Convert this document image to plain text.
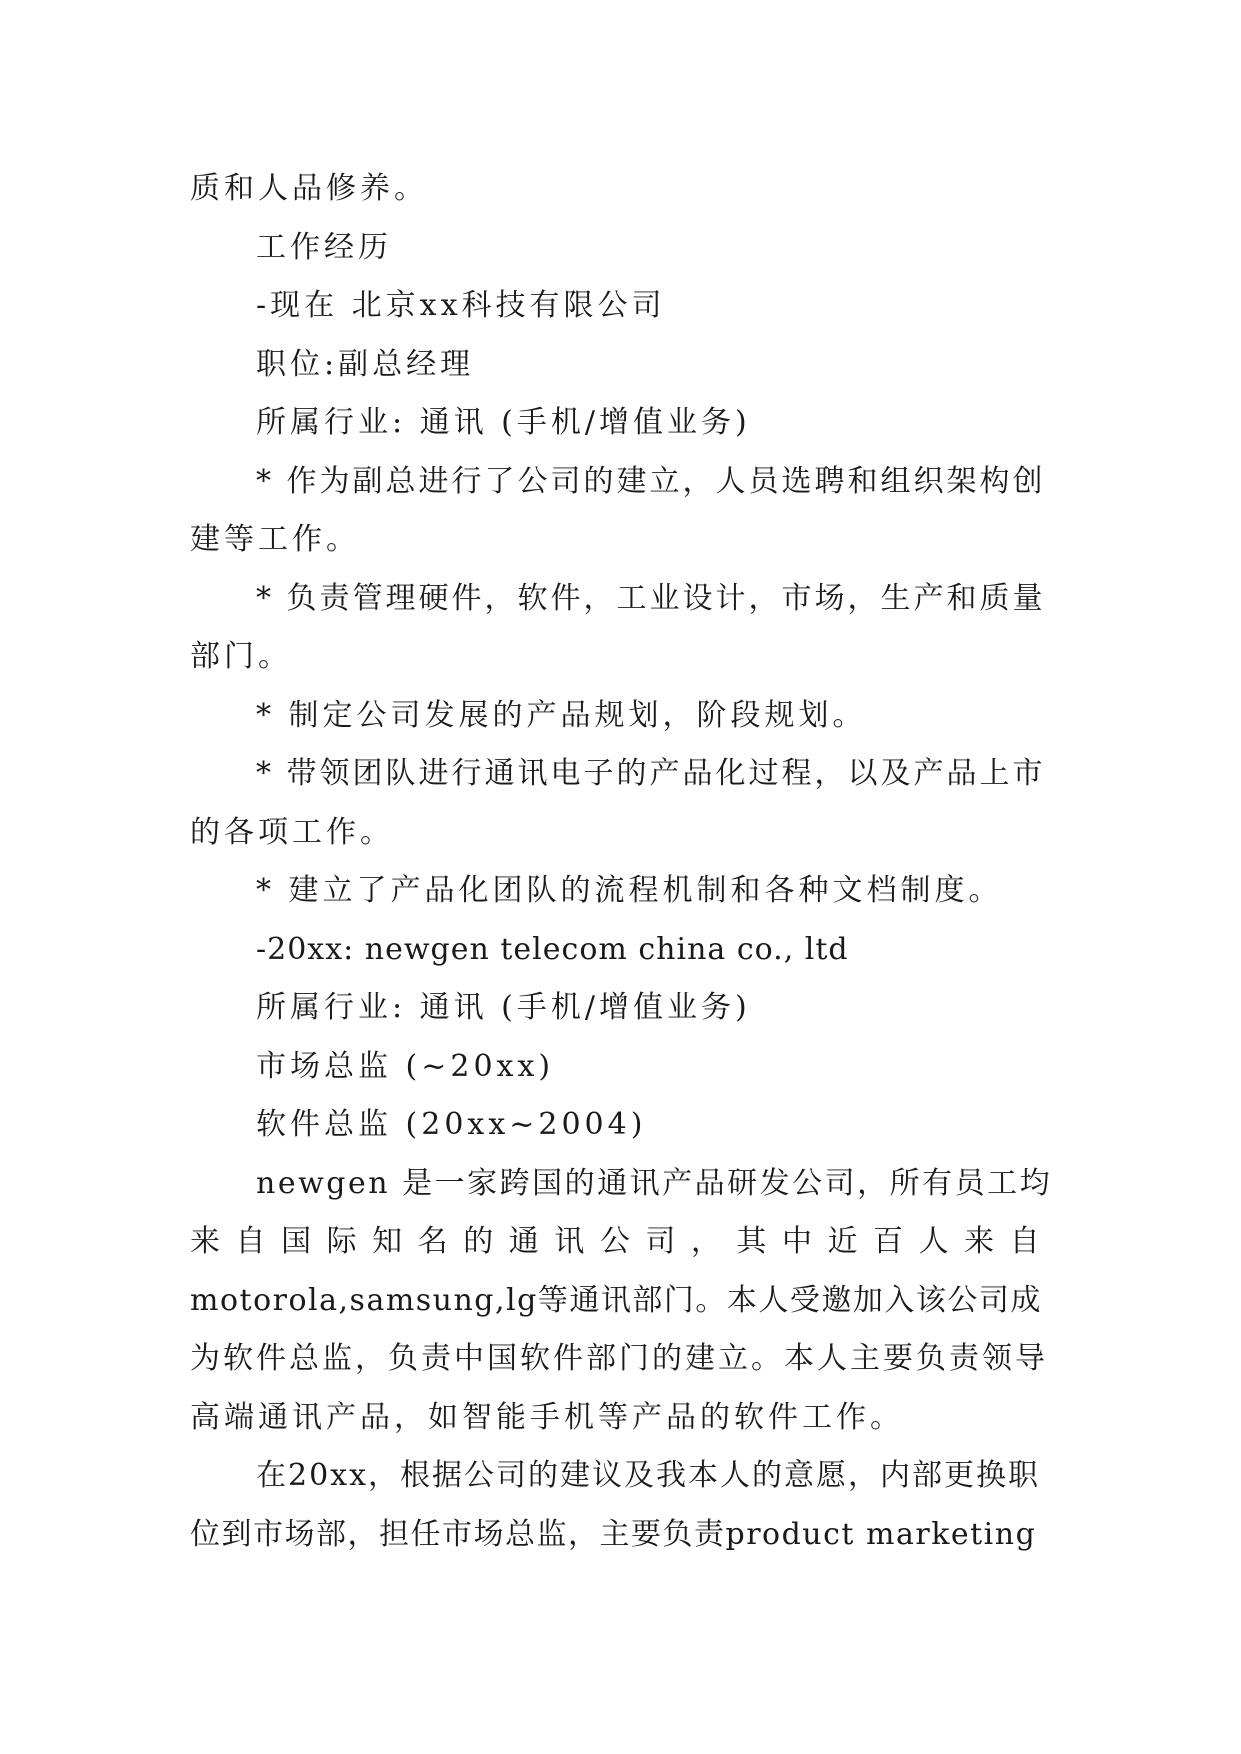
质和人品修养。
工作经历
-现在 北京xx科技有限公司
职位:副总经理
所属行业: 通讯 (手机/增值业务)
* 作为副总进行了公司的建立，人员选聘和组织架构创
建等工作。
* 负责管理硬件，软件，工业设计，市场，生产和质量
部门。
* 制定公司发展的产品规划，阶段规划。
* 带领团队进行通讯电子的产品化过程，以及产品上市
的各项工作。
* 建立了产品化团队的流程机制和各种文档制度。
-20xx: newgen telecom china co., ltd
所属行业: 通讯 (手机/增值业务)
市场总监 (~20xx)
软件总监 (20xx~2004)
newgen 是一家跨国的通讯产品研发公司，所有员工均
来 自 国 际 知 名 的 通 讯 公 司 ， 其 中 近 百 人 来 自
motorola,samsung,lg等通讯部门。本人受邀加入该公司成
为软件总监，负责中国软件部门的建立。本人主要负责领导
高端通讯产品，如智能手机等产品的软件工作。
在20xx，根据公司的建议及我本人的意愿，内部更换职
位到市场部，担任市场总监，主要负责product marketing
